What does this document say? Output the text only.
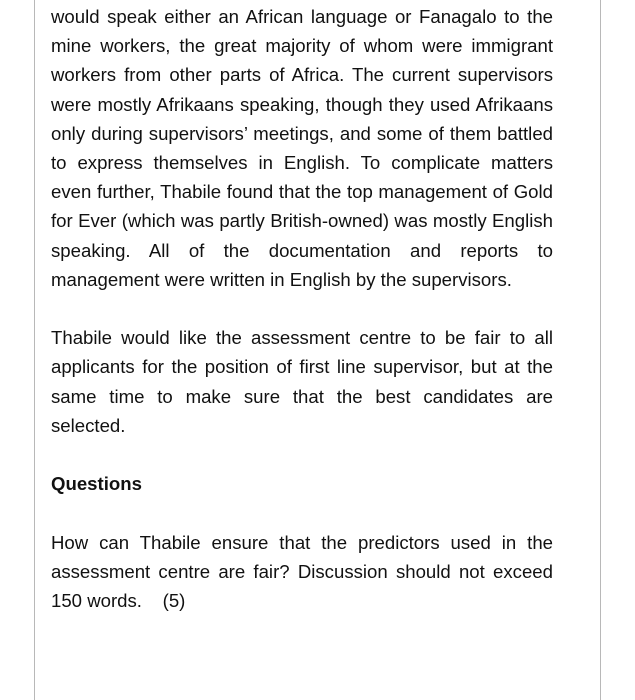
would speak either an African language or Fanagalo to the mine workers, the great majority of whom were immigrant workers from other parts of Africa. The current supervisors were mostly Afrikaans speaking, though they used Afrikaans only during supervisors’ meetings, and some of them battled to express themselves in English. To complicate matters even further, Thabile found that the top management of Gold for Ever (which was partly British-owned) was mostly English speaking. All of the documentation and reports to management were written in English by the supervisors.

Thabile would like the assessment centre to be fair to all applicants for the position of first line supervisor, but at the same time to make sure that the best candidates are selected.

Questions

How can Thabile ensure that the predictors used in the assessment centre are fair? Discussion should not exceed 150 words. (5)
